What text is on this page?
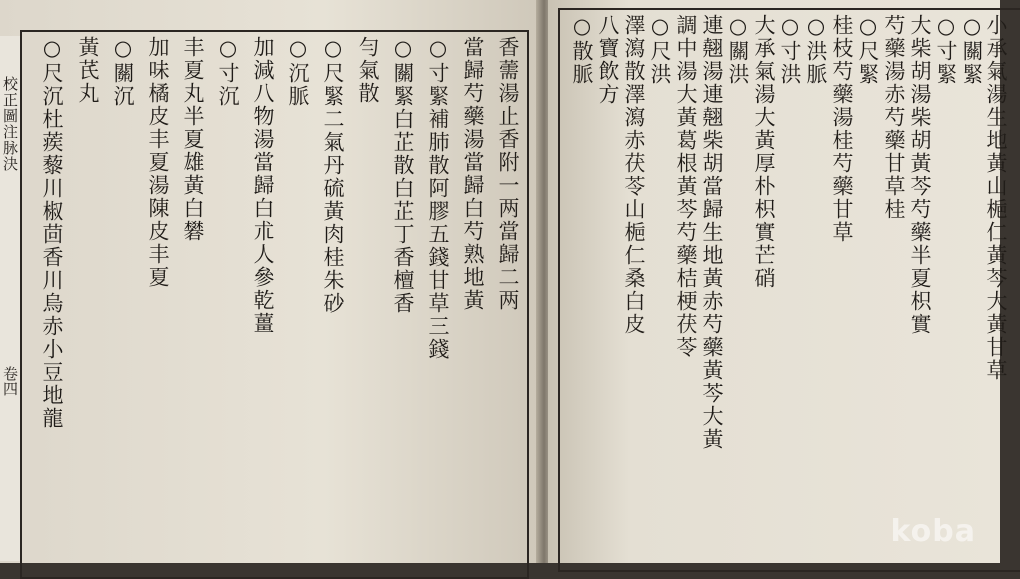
校正圖注脉決
卷四
香薷湯止香附一两當歸二两
當歸芍藥湯當歸白芍熟地黃
○寸緊補肺散阿膠五錢甘草三錢
○關緊白芷散白芷丁香檀香
勻氣散
○尺緊二氣丹硫黃肉桂朱砂
○沉脈
加減八物湯當歸白朮人參乾薑
○寸沉
丰夏丸半夏雄黃白礬
加味橘皮丰夏湯陳皮丰夏
○關沉
黃芪丸
○尺沉杜蒺藜川椒茴香川烏赤小豆地龍	○散脈 八寶飲方 澤瀉散澤瀉赤茯苓山梔仁桑白皮 ○尺洪 調中湯大黃葛根黃芩芍藥桔梗茯苓 連翹湯連翹柴胡當歸生地黃赤芍藥黃芩大黃 ○關洪 大承氣湯大黃厚朴枳實芒硝 ○寸洪 ○洪脈 桂枝芍藥湯桂芍藥甘草 ○尺緊 芍藥湯赤芍藥甘草桂 大柴胡湯柴胡黃芩芍藥半夏枳實 ○寸緊 ○關緊 小承氣湯生地黃山梔仁黃芩大黃甘草
koba
